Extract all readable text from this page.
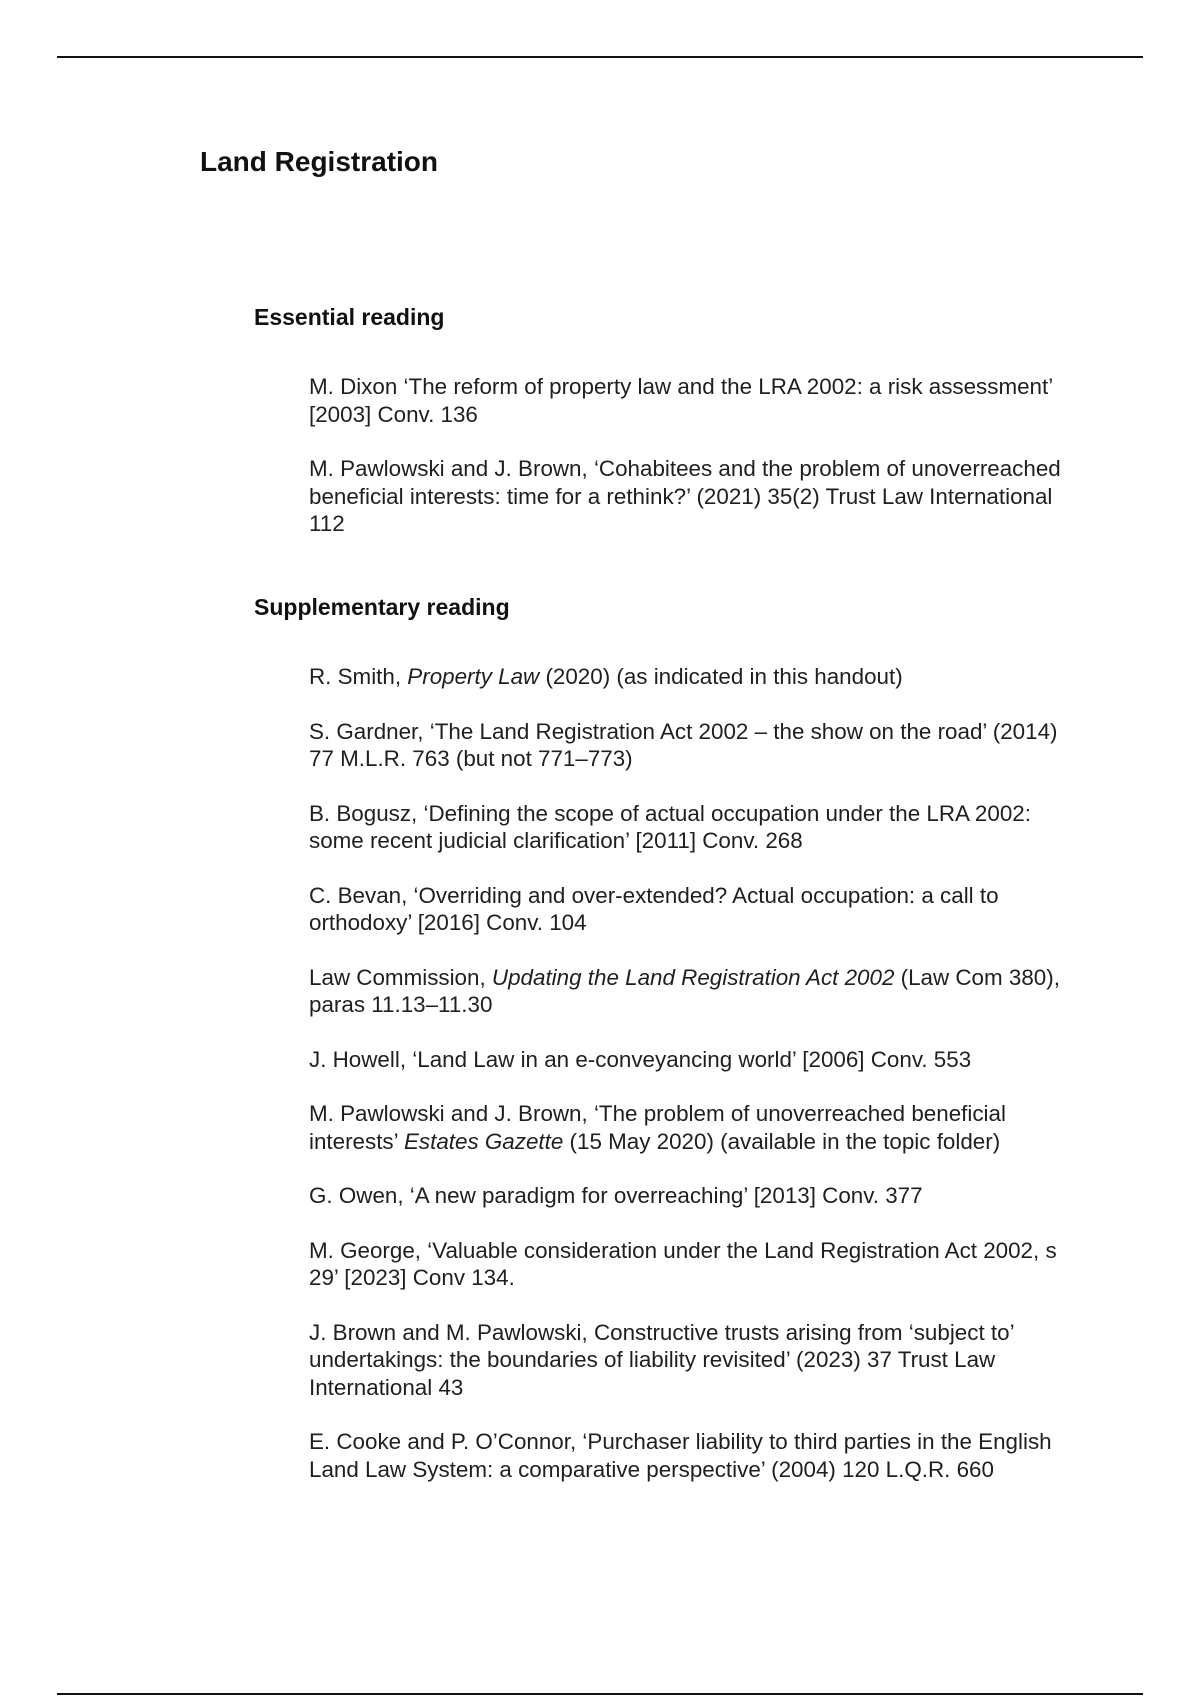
Land Registration
Essential reading
M. Dixon ‘The reform of property law and the LRA 2002: a risk assessment’ [2003] Conv. 136
M. Pawlowski and J. Brown, ‘Cohabitees and the problem of unoverreached beneficial interests: time for a rethink?’ (2021) 35(2) Trust Law International 112
Supplementary reading
R. Smith, Property Law (2020) (as indicated in this handout)
S. Gardner, ‘The Land Registration Act 2002 – the show on the road’ (2014) 77 M.L.R. 763 (but not 771–773)
B. Bogusz, ‘Defining the scope of actual occupation under the LRA 2002: some recent judicial clarification’ [2011] Conv. 268
C. Bevan, ‘Overriding and over-extended? Actual occupation: a call to orthodoxy’ [2016] Conv. 104
Law Commission, Updating the Land Registration Act 2002 (Law Com 380), paras 11.13–11.30
J. Howell, ‘Land Law in an e-conveyancing world’ [2006] Conv. 553
M. Pawlowski and J. Brown, ‘The problem of unoverreached beneficial interests’ Estates Gazette (15 May 2020) (available in the topic folder)
G. Owen, ‘A new paradigm for overreaching’ [2013] Conv. 377
M. George, ‘Valuable consideration under the Land Registration Act 2002, s 29’ [2023] Conv 134.
J. Brown and M. Pawlowski, Constructive trusts arising from ‘subject to’ undertakings: the boundaries of liability revisited’ (2023) 37 Trust Law International 43
E. Cooke and P. O’Connor, ‘Purchaser liability to third parties in the English Land Law System: a comparative perspective’ (2004) 120 L.Q.R. 660
